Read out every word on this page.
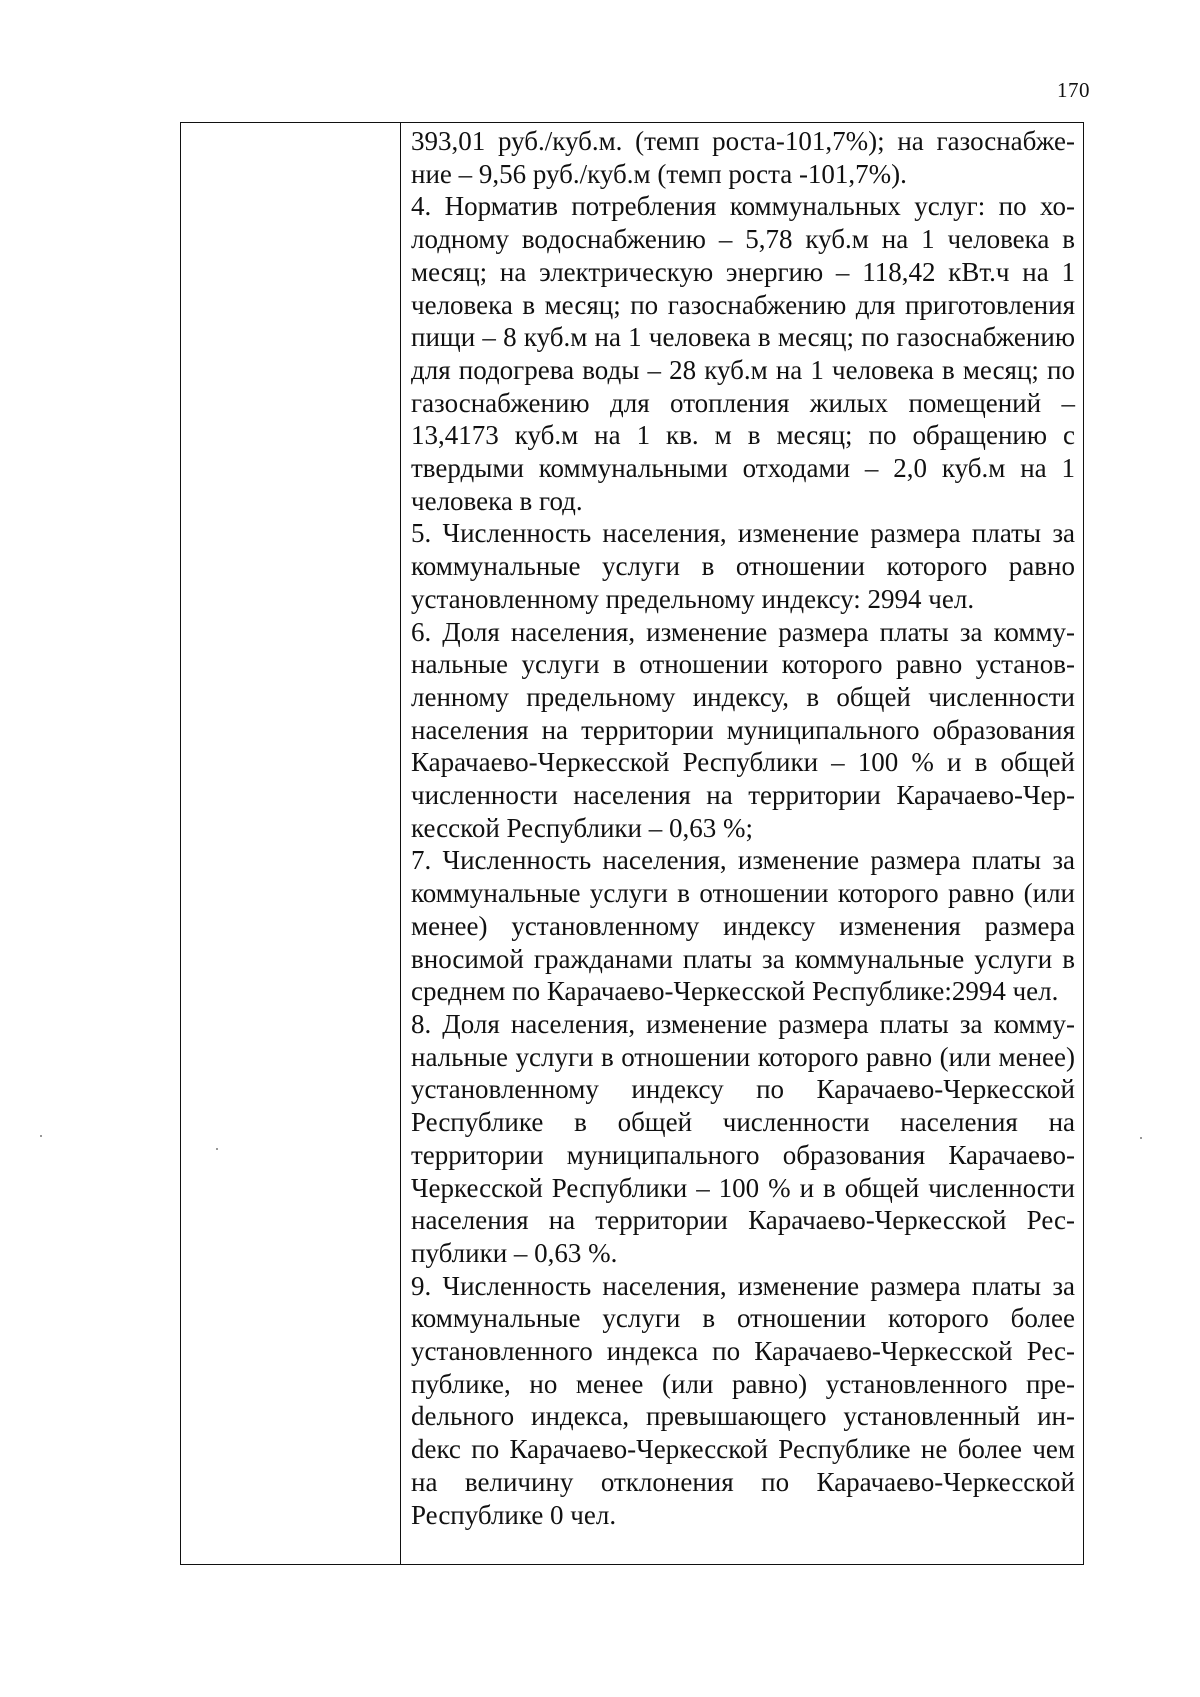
170

393,01 руб./куб.м. (темп роста-101,7%); на газоснабжение – 9,56 руб./куб.м (темп роста -101,7%).

4. Норматив потребления коммунальных услуг: по холодному водоснабжению – 5,78 куб.м на 1 человека в месяц; на электрическую энергию – 118,42 кВт.ч на 1 человека в месяц; по газоснабжению для приготовления пищи – 8 куб.м на 1 человека в месяц; по газоснабжению для подогрева воды – 28 куб.м на 1 человека в месяц; по газоснабжению для отопления жилых помещений – 13,4173 куб.м на 1 кв. м в месяц; по обращению с твердыми коммунальными отходами – 2,0 куб.м на 1 человека в год.

5. Численность населения, изменение размера платы за коммунальные услуги в отношении которого равно установленному предельному индексу: 2994 чел.

6. Доля населения, изменение размера платы за коммунальные услуги в отношении которого равно установленному предельному индексу, в общей численности населения на территории муниципального образования Карачаево-Черкесской Республики – 100 % и в общей численности населения на территории Карачаево-Черкесской Республики – 0,63 %;

7. Численность населения, изменение размера платы за коммунальные услуги в отношении которого равно (или менее) установленному индексу изменения размера вносимой гражданами платы за коммунальные услуги в среднем по Карачаево-Черкесской Республике:2994 чел.

8. Доля населения, изменение размера платы за коммунальные услуги в отношении которого равно (или менее) установленному индексу по Карачаево-Черкесской Республике в общей численности населения на территории муниципального образования Карачаево-Черкесской Республики – 100 % и в общей численности населения на территории Карачаево-Черкесской Республики – 0,63 %.

9. Численность населения, изменение размера платы за коммунальные услуги в отношении которого более установленного индекса по Карачаево-Черкесской Республике, но менее (или равно) установленного преdельного индекса, превышающего установленный инdекс по Карачаево-Черкесской Республике не более чем на величину отклонения по Карачаево-Черкесской Республике 0 чел.
